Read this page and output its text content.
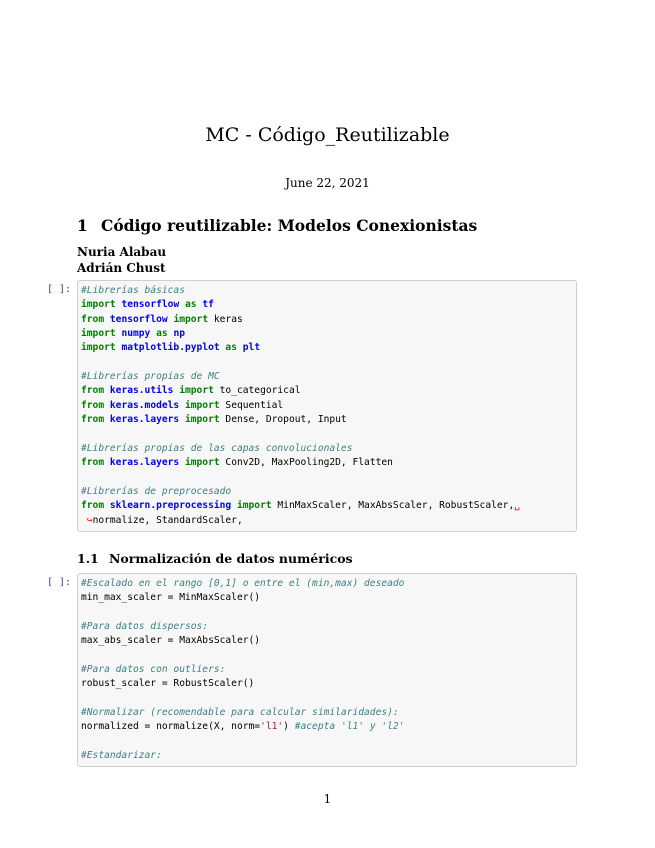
MC - Código_Reutilizable
June 22, 2021
1 Código reutilizable: Modelos Conexionistas
Nuria Alabau
Adrián Chust
[ ]: #Librerías básicas
import tensorflow as tf
from tensorflow import keras
import numpy as np
import matplotlib.pyplot as plt
#Librerías propias de MC
from keras.utils import to_categorical
from keras.models import Sequential
from keras.layers import Dense, Dropout, Input
#Librerías propias de las capas convolucionales
from keras.layers import Conv2D, MaxPooling2D, Flatten
#Librerías de preprocesado
from sklearn.preprocessing import MinMaxScaler, MaxAbsScaler, RobustScaler,␣
↪normalize, StandardScaler,
1.1 Normalización de datos numéricos
[ ]: #Escalado en el rango [0,1] o entre el (min,max) deseado
min_max_scaler = MinMaxScaler()
#Para datos dispersos:
max_abs_scaler = MaxAbsScaler()
#Para datos con outliers:
robust_scaler = RobustScaler()
#Normalizar (recomendable para calcular similaridades):
normalized = normalize(X, norm='l1') #acepta 'l1' y 'l2'
#Estandarizar:
1
